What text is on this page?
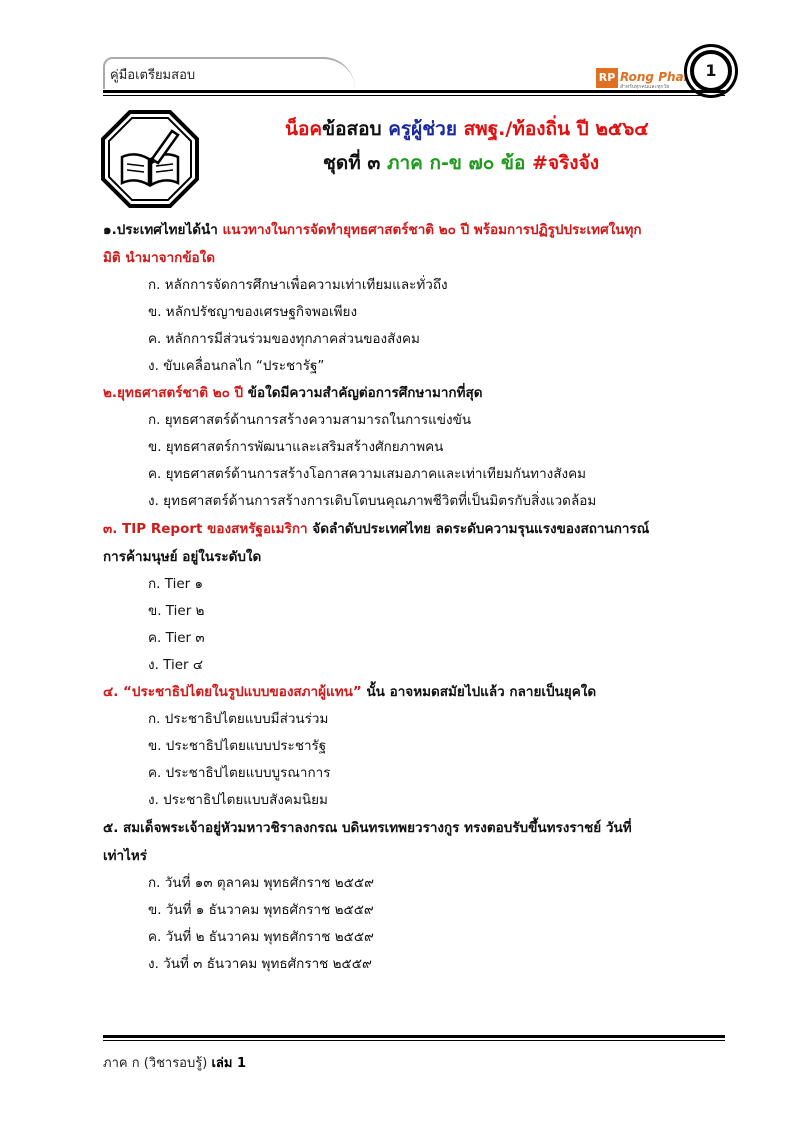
คู่มือเตรียมสอบ	RP Rong Phai
สำหรับทุกคนและทุกวัย
1
น็อคข้อสอบ ครูผู้ช่วย สพฐ./ท้องถิ่น ปี ๒๕๖๔
ชุดที่ ๓ ภาค ก-ข ๗๐ ข้อ #จริงจัง
๑.ประเทศไทยได้นำ แนวทางในการจัดทำยุทธศาสตร์ชาติ ๒๐ ปี พร้อมการปฏิรูปประเทศในทุก
มิติ นำมาจากข้อใด
ก. หลักการจัดการศึกษาเพื่อความเท่าเทียมและทั่วถึง
ข. หลักปรัชญาของเศรษฐกิจพอเพียง
ค. หลักการมีส่วนร่วมของทุกภาคส่วนของสังคม
ง. ขับเคลื่อนกลไก “ประชารัฐ”
๒.ยุทธศาสตร์ชาติ ๒๐ ปี ข้อใดมีความสำคัญต่อการศึกษามากที่สุด
ก. ยุทธศาสตร์ด้านการสร้างความสามารถในการแข่งขัน
ข. ยุทธศาสตร์การพัฒนาและเสริมสร้างศักยภาพคน
ค. ยุทธศาสตร์ด้านการสร้างโอกาสความเสมอภาคและเท่าเทียมกันทางสังคม
ง. ยุทธศาสตร์ด้านการสร้างการเติบโตบนคุณภาพชีวิตที่เป็นมิตรกับสิ่งแวดล้อม
๓. TIP Report ของสหรัฐอเมริกา จัดลำดับประเทศไทย ลดระดับความรุนแรงของสถานการณ์
การค้ามนุษย์ อยู่ในระดับใด
ก. Tier ๑
ข. Tier ๒
ค. Tier ๓
ง. Tier ๔
๔. “ประชาธิปไตยในรูปแบบของสภาผู้แทน” นั้น อาจหมดสมัยไปแล้ว กลายเป็นยุคใด
ก. ประชาธิปไตยแบบมีส่วนร่วม
ข. ประชาธิปไตยแบบประชารัฐ
ค. ประชาธิปไตยแบบบูรณาการ
ง. ประชาธิปไตยแบบสังคมนิยม
๕. สมเด็จพระเจ้าอยู่หัวมหาวชิราลงกรณ บดินทรเทพยวรางกูร ทรงตอบรับขึ้นทรงราชย์ วันที่
เท่าไหร่
ก. วันที่ ๑๓ ตุลาคม พุทธศักราช ๒๕๕๙
ข. วันที่ ๑ ธันวาคม พุทธศักราช ๒๕๕๙
ค. วันที่ ๒ ธันวาคม พุทธศักราช ๒๕๕๙
ง. วันที่ ๓ ธันวาคม พุทธศักราช ๒๕๕๙
ภาค ก (วิชารอบรู้) เล่ม 1
